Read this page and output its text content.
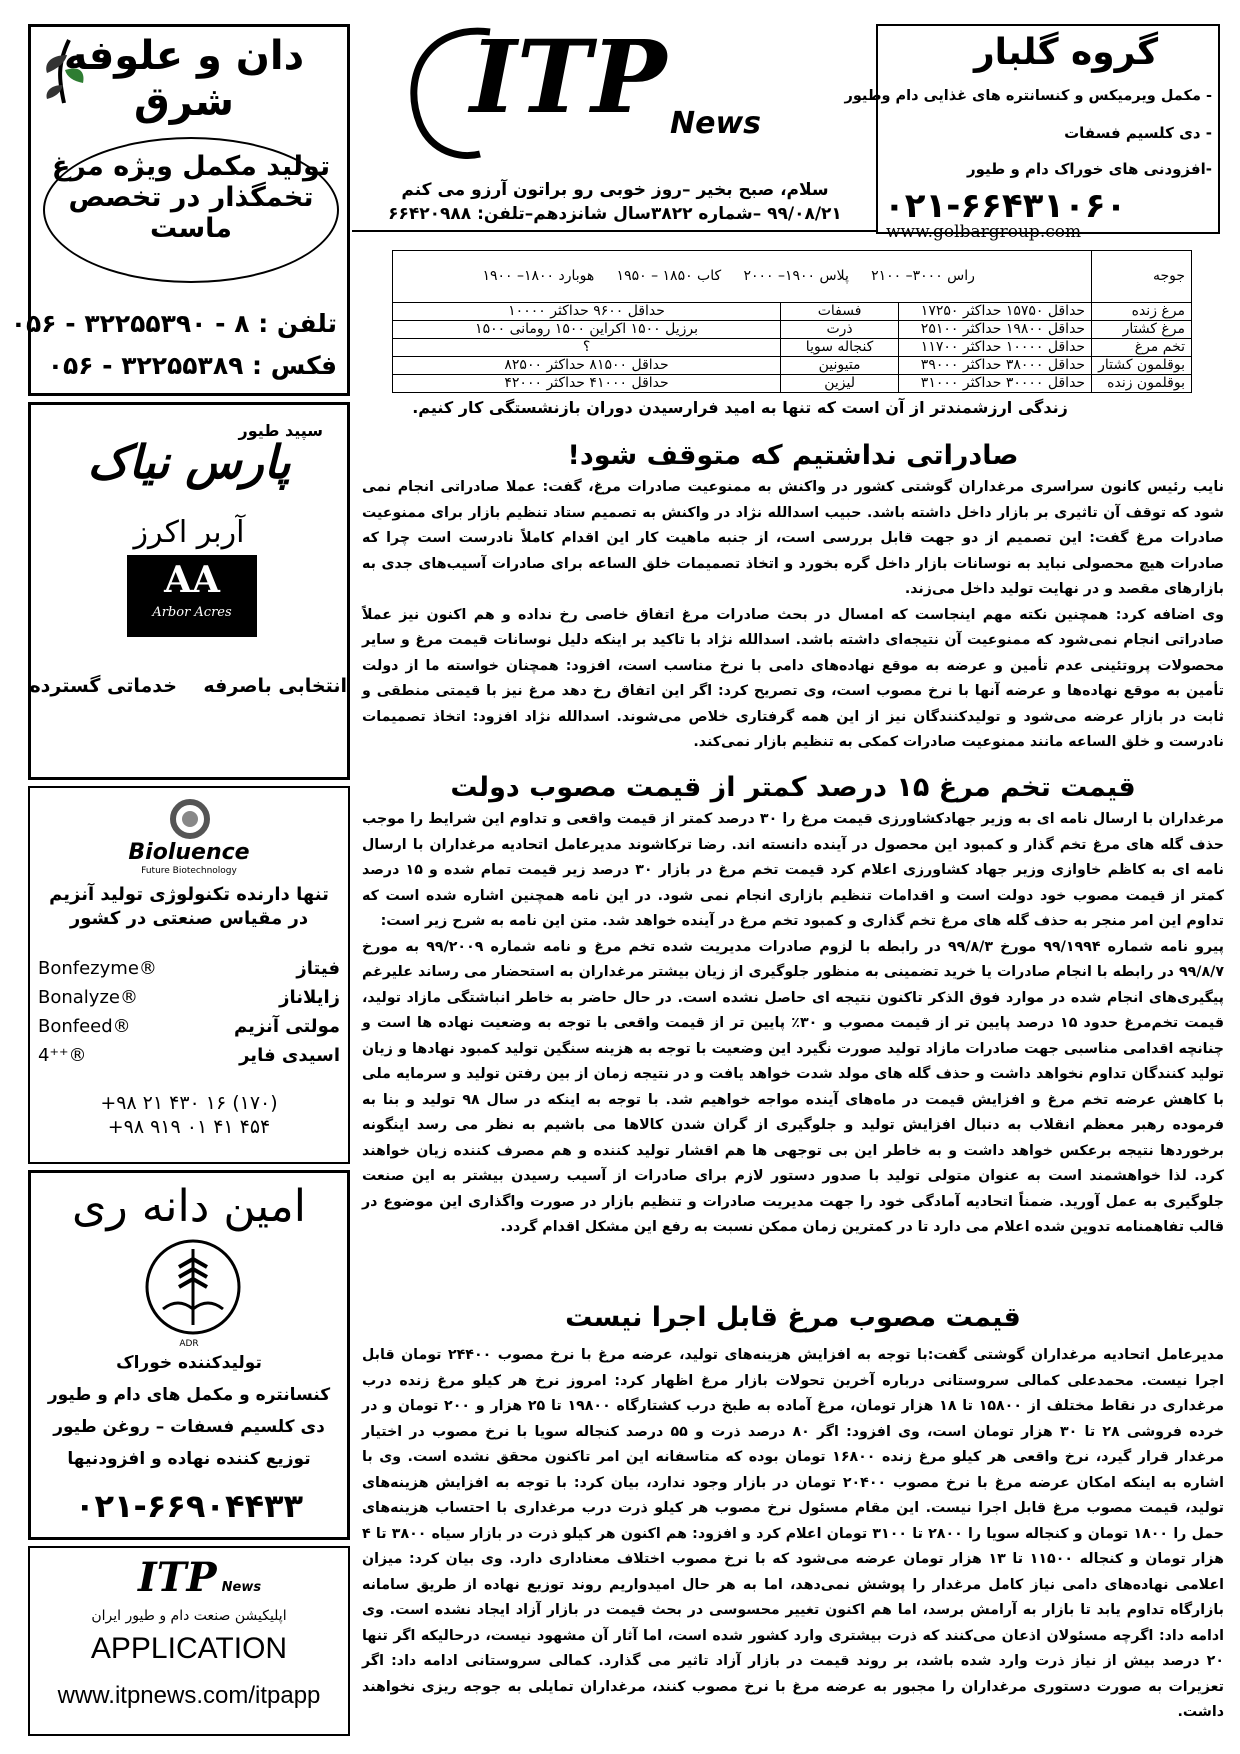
دان و علوفه شرق
تولید مکمل ویژه مرغ
تخمگذار در تخصص
ماست
تلفن : ۸ - ۳۲۲۵۵۳۹۰ - ۰۵۶
فکس : ۳۲۲۵۵۳۸۹ - ۰۵۶
سپید طیور
پارس نیاک
آربر اکرز
AA
Arbor Acres
انتخابی باصرفه    خدماتی گسترده
Bioluence
Future Biotechnology
تنها دارنده تکنولوژی تولید آنزیم
در مقیاس صنعتی در کشور
فیتاز
Bonfezyme®
زایلاناز
Bonalyze®
مولتی آنزیم
Bonfeed®
اسیدی فایر
4⁺⁺®
+۹۸ ۲۱ ۴۳۰ ۱۶ (۱۷۰)
+۹۸ ۹۱۹ ۰۱ ۴۱ ۴۵۴
امین دانه ری
ADR
تولیدکننده خوراک
کنسانتره و مکمل های دام و طیور
دی کلسیم فسفات – روغن طیور
توزیع کننده نهاده و افزودنیها
۰۲۱-۶۶۹۰۴۴۳۳
ITP News
اپلیکیشن صنعت دام و طیور ایران
APPLICATION
www.itpnews.com/itpapp
ITP News
سلام، صبح بخیر –روز خوبی رو براتون آرزو می کنم
۹۹/۰۸/۲۱ –شماره ۳۸۲۲سال شانزدهم–تلفن: ۶۶۴۲۰۹۸۸
گروه گلبار
- مکمل ویرمیکس و کنسانتره های غذایی دام وطیور
- دی کلسیم فسفات
-افزودنی های خوراک دام و طیور
۰۲۱-۶۶۴۳۱۰۶۰
www.golbargroup.com
جوجه	راس ۳۰۰۰– ۲۱۰۰     پلاس ۱۹۰۰– ۲۰۰۰     کاب ۱۸۵۰ – ۱۹۵۰     هوبارد ۱۸۰۰– ۱۹۰۰		

مرغ زنده	حداقل ۱۵۷۵۰ حداکثر ۱۷۲۵۰	فسفات	حداقل ۹۶۰۰ حداکثر ۱۰۰۰۰
مرغ کشتار	حداقل ۱۹۸۰۰ حداکثر ۲۵۱۰۰	ذرت	برزیل ۱۵۰۰ اکراین ۱۵۰۰ رومانی ۱۵۰۰
تخم مرغ	حداقل ۱۰۰۰۰ حداکثر ۱۱۷۰۰	کنجاله سویا	؟
بوقلمون کشتار	حداقل ۳۸۰۰۰ حداکثر ۳۹۰۰۰	متیونین	حداقل ۸۱۵۰۰ حداکثر ۸۲۵۰۰
بوقلمون زنده	حداقل ۳۰۰۰۰ حداکثر ۳۱۰۰۰	لیزین	حداقل ۴۱۰۰۰ حداکثر ۴۲۰۰۰
زندگی ارزشمندتر از آن است که تنها به امید فرارسیدن دوران بازنشستگی کار کنیم.
صادراتی نداشتیم که متوقف شود!

نایب رئیس کانون سراسری مرغداران گوشتی کشور در واکنش به ممنوعیت صادرات مرغ، گفت: عملا صادراتی انجام نمی شود که توقف آن تاثیری بر بازار داخل داشته باشد. حبیب اسدالله نژاد در واکنش به تصمیم ستاد تنظیم بازار برای ممنوعیت صادرات مرغ گفت: این تصمیم از دو جهت قابل بررسی است، از جنبه ماهیت کار این اقدام کاملاً نادرست است چرا که صادرات هیچ محصولی نباید به نوسانات بازار داخل گره بخورد و اتخاذ تصمیمات خلق الساعه برای صادرات آسیب‌های جدی به بازارهای مقصد و در نهایت تولید داخل می‌زند.

وی اضافه کرد: همچنین نکته مهم اینجاست که امسال در بحث صادرات مرغ اتفاق خاصی رخ نداده و هم اکنون نیز عملاً صادراتی انجام نمی‌شود که ممنوعیت آن نتیجه‌ای داشته باشد. اسدالله نژاد با تاکید بر اینکه دلیل نوسانات قیمت مرغ و سایر محصولات پروتئینی عدم تأمین و عرضه به موقع نهاده‌های دامی با نرخ مناسب است، افزود: همچنان خواسته ما از دولت تأمین به موقع نهاده‌ها و عرضه آنها با نرخ مصوب است، وی تصریح کرد: اگر این اتفاق رخ دهد مرغ نیز با قیمتی منطقی و ثابت در بازار عرضه می‌شود و تولیدکنندگان نیز از این همه گرفتاری خلاص می‌شوند. اسدالله نژاد افزود: اتخاذ تصمیمات نادرست و خلق الساعه مانند ممنوعیت صادرات کمکی به تنظیم بازار نمی‌کند.

قیمت تخم مرغ ۱۵ درصد کمتر از قیمت مصوب دولت

مرغداران با ارسال نامه ای به وزیر جهادکشاورزی قیمت مرغ را ۳۰ درصد کمتر از قیمت واقعی و تداوم این شرایط را موجب حذف گله های مرغ تخم گذار و کمبود این محصول در آینده دانسته اند. رضا ترکاشوند مدیرعامل اتحادیه مرغداران با ارسال نامه ای به کاظم خاوازی وزیر جهاد کشاورزی اعلام کرد قیمت تخم مرغ در بازار ۳۰ درصد زیر قیمت تمام شده و ۱۵ درصد کمتر از قیمت مصوب خود دولت است و اقدامات تنظیم بازاری انجام نمی شود. در این نامه همچنین اشاره شده است که تداوم این امر منجر به حذف گله های مرغ تخم گذاری و کمبود تخم مرغ در آینده خواهد شد. متن این نامه به شرح زیر است:

پیرو نامه شماره ۹۹/۱۹۹۴ مورخ ۹۹/۸/۳ در رابطه با لزوم صادرات مدیریت شده تخم مرغ و نامه شماره ۹۹/۲۰۰۹ به مورخ ۹۹/۸/۷ در رابطه با انجام صادرات یا خرید تضمینی به منظور جلوگیری از زیان بیشتر مرغداران به استحضار می رساند علیرغم پیگیری‌های انجام شده در موارد فوق الذکر تاکنون نتیجه ای حاصل نشده است. در حال حاضر به خاطر انباشتگی مازاد تولید، قیمت تخم‌مرغ حدود ۱۵ درصد پایین تر از قیمت مصوب و ۳۰٪ پایین تر از قیمت واقعی با توجه به وضعیت نهاده ها است و چنانچه اقدامی مناسبی جهت صادرات مازاد تولید صورت نگیرد این وضعیت با توجه به هزینه سنگین تولید کمبود نهادها و زیان تولید کنندگان تداوم نخواهد داشت و حذف گله های مولد شدت خواهد یافت و در نتیجه زمان از بین رفتن تولید و سرمایه ملی با کاهش عرضه تخم مرغ و افزایش قیمت در ماه‌های آینده مواجه خواهیم شد. با توجه به اینکه در سال ۹۸ تولید و بنا به فرموده رهبر معظم انقلاب به دنبال افزایش تولید و جلوگیری از گران شدن کالاها می باشیم به نظر می رسد اینگونه برخوردها نتیجه برعکس خواهد داشت و به خاطر این بی توجهی ها هم اقشار تولید کننده و هم مصرف کننده زیان خواهند کرد. لذا خواهشمند است به عنوان متولی تولید با صدور دستور لازم برای صادرات از آسیب رسیدن بیشتر به این صنعت جلوگیری به عمل آورید. ضمناً اتحادیه آمادگی خود را جهت مدیریت صادرات و تنظیم بازار در صورت واگذاری این موضوع در قالب تفاهمنامه تدوین شده اعلام می دارد تا در کمترین زمان ممکن نسبت به رفع این مشکل اقدام گردد.

قیمت مصوب مرغ قابل اجرا نیست

مدیرعامل اتحادیه مرغداران گوشتی گفت:با توجه به افزایش هزینه‌های تولید، عرضه مرغ با نرخ مصوب ۲۴۴۰۰ تومان قابل اجرا نیست. محمدعلی کمالی سروستانی درباره آخرین تحولات بازار مرغ اظهار کرد: امروز نرخ هر کیلو مرغ زنده درب مرغداری در نقاط مختلف از ۱۵۸۰۰ تا ۱۸ هزار تومان، مرغ آماده به طبخ درب کشتارگاه ۱۹۸۰۰ تا ۲۵ هزار و ۲۰۰ تومان و در خرده فروشی ۲۸ تا ۳۰ هزار تومان است، وی افزود: اگر ۸۰ درصد ذرت و ۵۵ درصد کنجاله سویا با نرخ مصوب در اختیار مرغدار قرار گیرد، نرخ واقعی هر کیلو مرغ زنده ۱۶۸۰۰ تومان بوده که متاسفانه این امر تاکنون محقق نشده است. وی با اشاره به اینکه امکان عرضه مرغ با نرخ مصوب ۲۰۴۰۰ تومان در بازار وجود ندارد، بیان کرد: با توجه به افزایش هزینه‌های تولید، قیمت مصوب مرغ قابل اجرا نیست. این مقام مسئول نرخ مصوب هر کیلو ذرت درب مرغداری با احتساب هزینه‌های حمل را ۱۸۰۰ تومان و کنجاله سویا را ۲۸۰۰ تا ۳۱۰۰ تومان اعلام کرد و افزود: هم اکنون هر کیلو ذرت در بازار سیاه ۳۸۰۰ تا ۴ هزار تومان و کنجاله ۱۱۵۰۰ تا ۱۳ هزار تومان عرضه می‌شود که با نرخ مصوب اختلاف معناداری دارد. وی بیان کرد: میزان اعلامی نهاده‌های دامی نیاز کامل مرغدار را پوشش نمی‌دهد، اما به هر حال امیدواریم روند توزیع نهاده از طریق سامانه بازارگاه تداوم یابد تا بازار به آرامش برسد، اما هم اکنون تغییر محسوسی در بحث قیمت در بازار آزاد ایجاد نشده است. وی ادامه داد: اگرچه مسئولان اذعان می‌کنند که ذرت بیشتری وارد کشور شده است، اما آثار آن مشهود نیست، درحالیکه اگر تنها ۲۰ درصد بیش از نیاز ذرت وارد شده باشد، بر روند قیمت در بازار آزاد تاثیر می گذارد. کمالی سروستانی ادامه داد: اگر تعزیرات به صورت دستوری مرغداران را مجبور به عرضه مرغ با نرخ مصوب کنند، مرغداران تمایلی به جوجه ریزی نخواهند داشت.
